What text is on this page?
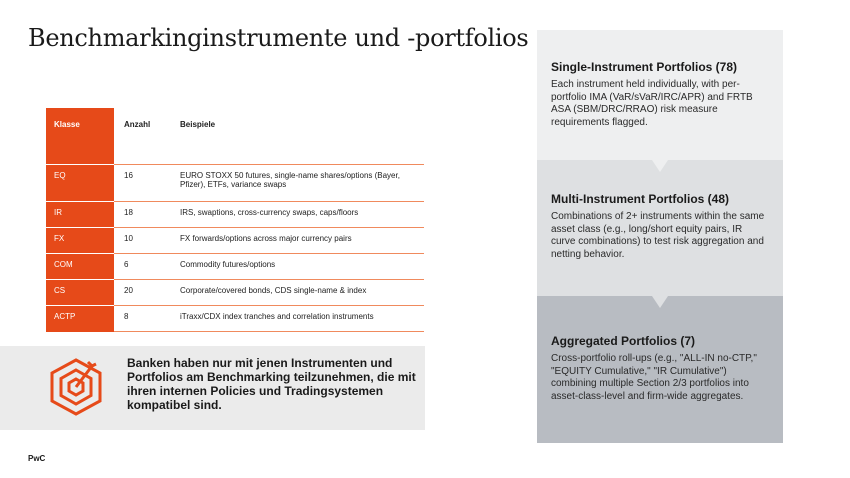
Benchmarkinginstrumente und -portfolios
Klasse	Anzahl	Beispiele
EQ	16	EURO STOXX 50 futures, single-name shares/options (Bayer, Pfizer), ETFs, variance swaps
IR	18	IRS, swaptions, cross-currency swaps, caps/floors
FX	10	FX forwards/options across major currency pairs
COM	6	Commodity futures/options
CS	20	Corporate/covered bonds, CDS single-name & index
ACTP	8	iTraxx/CDX index tranches and correlation instruments
Banken haben nur mit jenen Instrumenten und Portfolios am Benchmarking teilzunehmen, die mit ihren internen Policies und Tradingsystemen kompatibel sind.
PwC
Single-Instrument Portfolios (78)

Each instrument held individually, with per-portfolio IMA (VaR/sVaR/IRC/APR) and FRTB ASA (SBM/DRC/RRAO) risk measure requirements flagged.

Multi-Instrument Portfolios (48)

Combinations of 2+ instruments within the same asset class (e.g., long/short equity pairs, IR curve combinations) to test risk aggregation and netting behavior.

Aggregated Portfolios (7)

Cross-portfolio roll-ups (e.g., "ALL-IN no-CTP," "EQUITY Cumulative," "IR Cumulative") combining multiple Section 2/3 portfolios into asset-class-level and firm-wide aggregates.
